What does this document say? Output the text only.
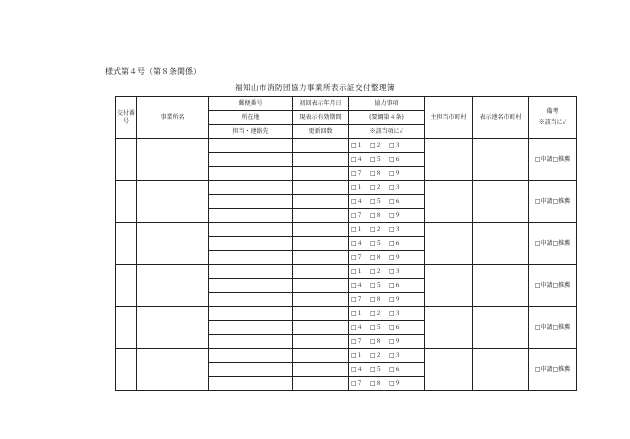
様式第４号（第８条関係）
福知山市消防団協力事業所表示証交付整理簿
交付番号	事業所名	郵便番号	初回表示年月日	協力事項	主担当市町村	表示連名市町村	備考
※該当に✓

		所在地	現表示有効期間	(要綱第４条)			
		担当・連絡先	更新回数	※該当項に✓			
				□１ □２ □３			□申請□推薦
				□４ □５ □６			
				□７ □８ □９			
				□１ □２ □３			□申請□推薦
				□４ □５ □６			
				□７ □８ □９			
				□１ □２ □３			□申請□推薦
				□４ □５ □６			
				□７ □８ □９			
				□１ □２ □３			□申請□推薦
				□４ □５ □６			
				□７ □８ □９			
				□１ □２ □３			□申請□推薦
				□４ □５ □６			
				□７ □８ □９			
				□１ □２ □３			□申請□推薦
				□４ □５ □６			
				□７ □８ □９			
